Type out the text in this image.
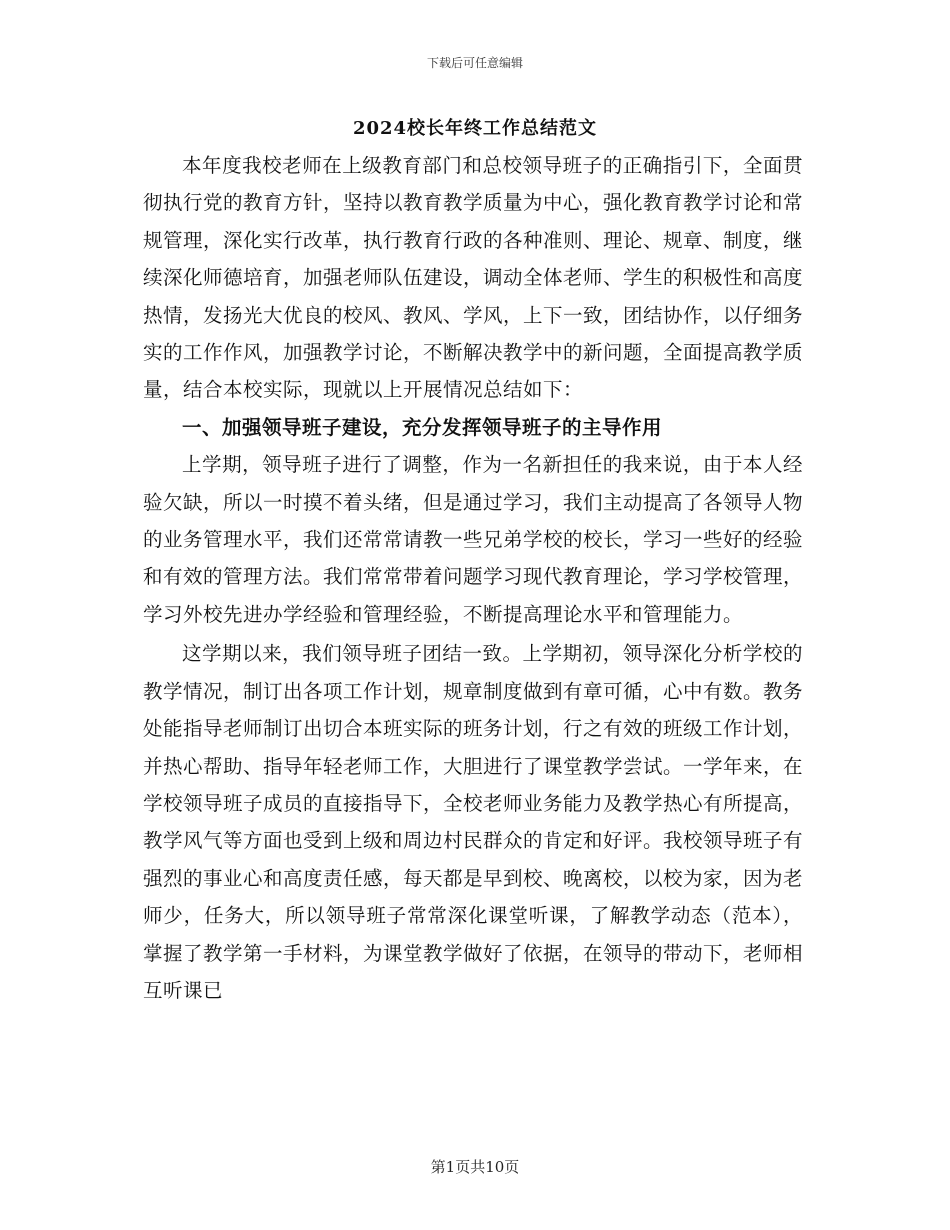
下载后可任意编辑
2024校长年终工作总结范文

本年度我校老师在上级教育部门和总校领导班子的正确指引下，全面贯彻执行党的教育方针，坚持以教育教学质量为中心，强化教育教学讨论和常规管理，深化实行改革，执行教育行政的各种准则、理论、规章、制度，继续深化师德培育，加强老师队伍建设，调动全体老师、学生的积极性和高度热情，发扬光大优良的校风、教风、学风，上下一致，团结协作，以仔细务实的工作作风，加强教学讨论，不断解决教学中的新问题，全面提高教学质量，结合本校实际，现就以上开展情况总结如下：

一、加强领导班子建设，充分发挥领导班子的主导作用

上学期，领导班子进行了调整，作为一名新担任的我来说，由于本人经验欠缺，所以一时摸不着头绪，但是通过学习，我们主动提高了各领导人物的业务管理水平，我们还常常请教一些兄弟学校的校长，学习一些好的经验和有效的管理方法。我们常常带着问题学习现代教育理论，学习学校管理，学习外校先进办学经验和管理经验，不断提高理论水平和管理能力。

这学期以来，我们领导班子团结一致。上学期初，领导深化分析学校的教学情况，制订出各项工作计划，规章制度做到有章可循，心中有数。教务处能指导老师制订出切合本班实际的班务计划，行之有效的班级工作计划，并热心帮助、指导年轻老师工作，大胆进行了课堂教学尝试。一学年来，在学校领导班子成员的直接指导下，全校老师业务能力及教学热心有所提高，教学风气等方面也受到上级和周边村民群众的肯定和好评。我校领导班子有强烈的事业心和高度责任感，每天都是早到校、晚离校，以校为家，因为老师少，任务大，所以领导班子常常深化课堂听课，了解教学动态（范本），掌握了教学第一手材料，为课堂教学做好了依据，在领导的带动下，老师相互听课已

第1页共10页
